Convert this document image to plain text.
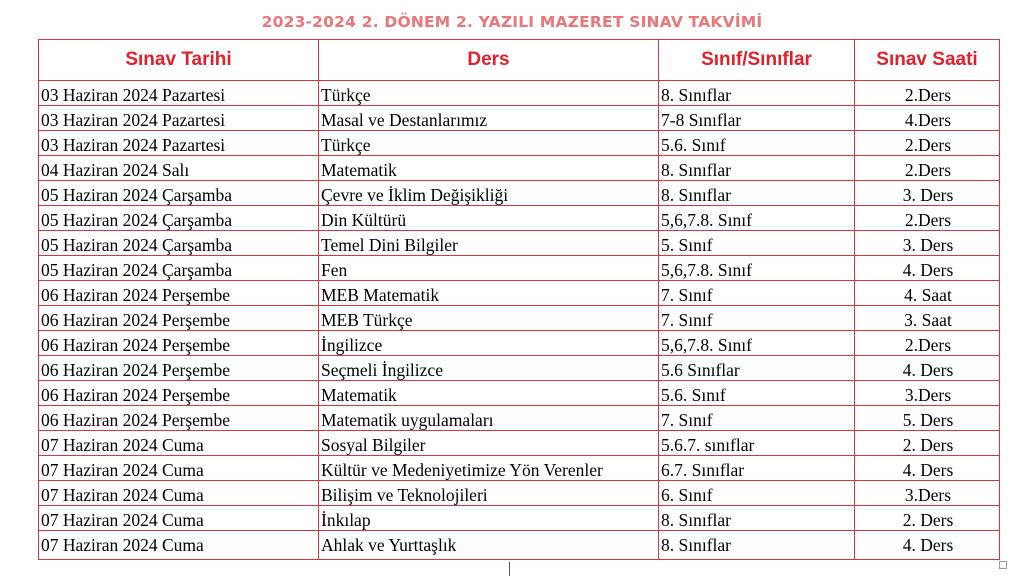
2023-2024 2. DÖNEM 2. YAZILI MAZERET SINAV TAKVİMİ
Sınav Tarihi	Ders	Sınıf/Sınıflar	Sınav Saati
03 Haziran 2024 Pazartesi	Türkçe	8. Sınıflar	2.Ders
03 Haziran 2024 Pazartesi	Masal ve Destanlarımız	7-8 Sınıflar	4.Ders
03 Haziran 2024 Pazartesi	Türkçe	5.6. Sınıf	2.Ders
04 Haziran 2024 Salı	Matematik	8. Sınıflar	2.Ders
05 Haziran 2024 Çarşamba	Çevre ve İklim Değişikliği	8. Sınıflar	3. Ders
05 Haziran 2024 Çarşamba	Din Kültürü	5,6,7.8. Sınıf	2.Ders
05 Haziran 2024 Çarşamba	Temel Dini Bilgiler	5. Sınıf	3. Ders
05 Haziran 2024 Çarşamba	Fen	5,6,7.8. Sınıf	4. Ders
06 Haziran 2024 Perşembe	MEB Matematik	7. Sınıf	4. Saat
06 Haziran 2024 Perşembe	MEB Türkçe	7. Sınıf	3. Saat
06 Haziran 2024 Perşembe	İngilizce	5,6,7.8. Sınıf	2.Ders
06 Haziran 2024 Perşembe	Seçmeli İngilizce	5.6 Sınıflar	4. Ders
06 Haziran 2024 Perşembe	Matematik	5.6. Sınıf	3.Ders
06 Haziran 2024 Perşembe	Matematik uygulamaları	7. Sınıf	5. Ders
07 Haziran 2024 Cuma	Sosyal Bilgiler	5.6.7. sınıflar	2. Ders
07 Haziran 2024 Cuma	Kültür ve Medeniyetimize Yön Verenler	6.7. Sınıflar	4. Ders
07 Haziran 2024 Cuma	Bilişim ve Teknolojileri	6. Sınıf	3.Ders
07 Haziran 2024 Cuma	İnkılap	8. Sınıflar	2. Ders
07 Haziran 2024 Cuma	Ahlak ve Yurttaşlık	8. Sınıflar	4. Ders
